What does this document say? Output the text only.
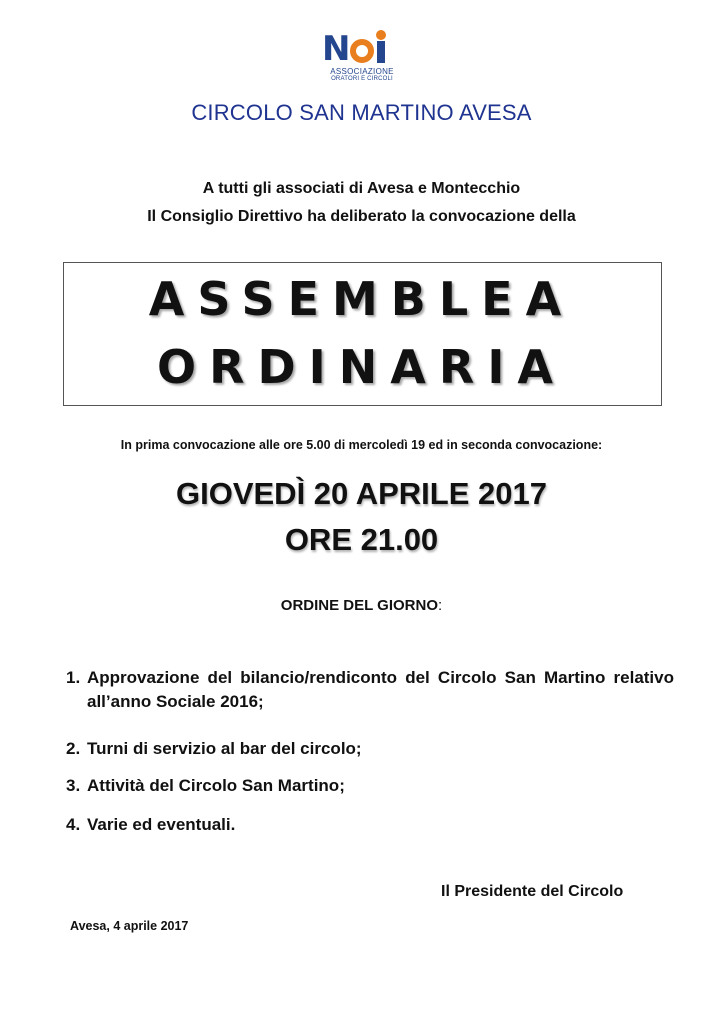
N
ASSOCIAZIONE
ORATORI E CIRCOLI
CIRCOLO SAN MARTINO AVESA
A tutti gli associati di Avesa e Montecchio
Il Consiglio Direttivo ha deliberato la convocazione della
ASSEMBLEA
ORDINARIA
In prima convocazione alle ore 5.00 di mercoledì 19 ed in seconda convocazione:
GIOVEDÌ 20 APRILE 2017
ORE 21.00
ORDINE DEL GIORNO:
1. Approvazione del bilancio/rendiconto del Circolo San Martino relativo all’anno Sociale 2016;
2. Turni di servizio al bar del circolo;
3. Attività del Circolo San Martino;
4. Varie ed eventuali.
Il Presidente del Circolo
Avesa, 4 aprile 2017
